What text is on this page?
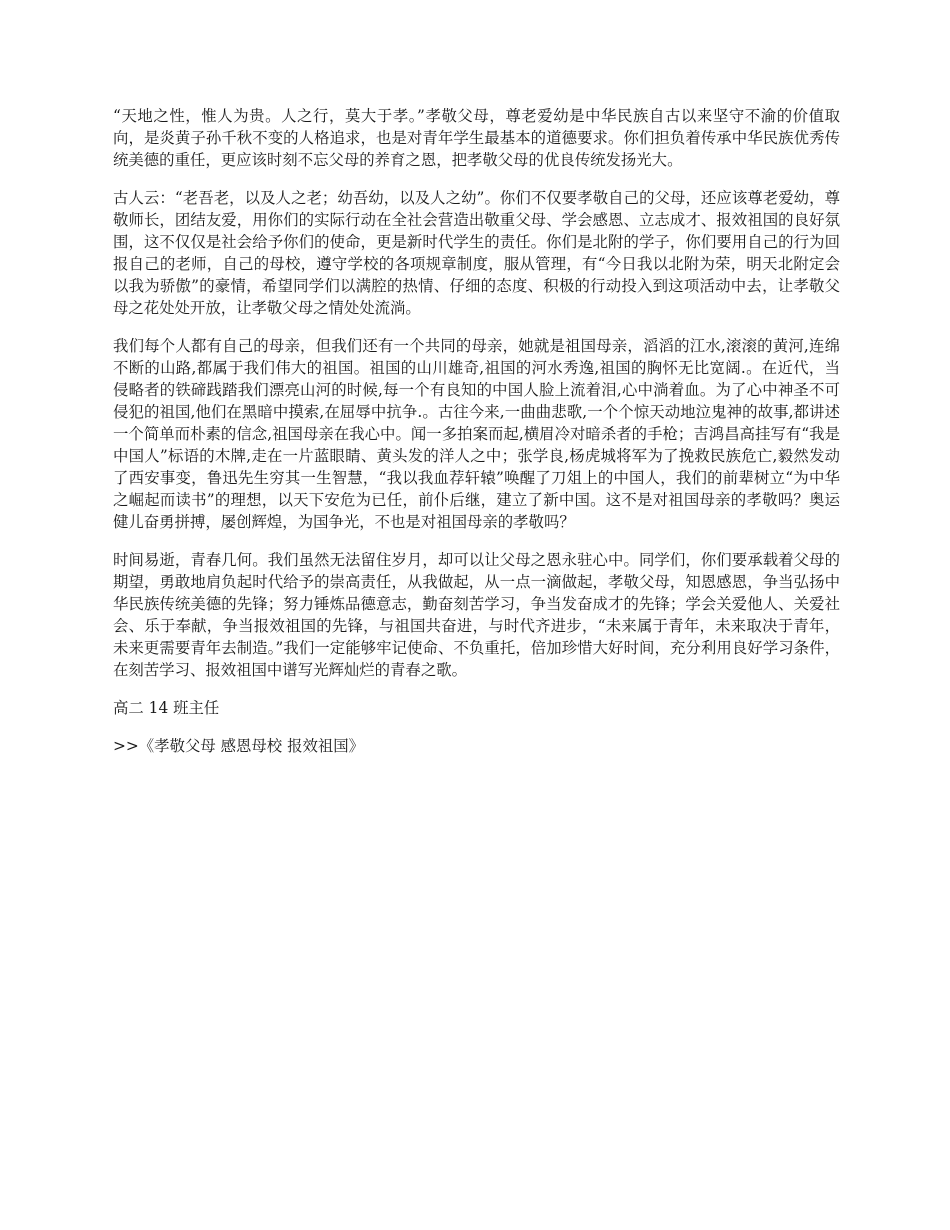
“天地之性，惟人为贵。人之行，莫大于孝。”孝敬父母，尊老爱幼是中华民族自古以来坚守不渝的价值取向，是炎黄子孙千秋不变的人格追求，也是对青年学生最基本的道德要求。你们担负着传承中华民族优秀传统美德的重任，更应该时刻不忘父母的养育之恩，把孝敬父母的优良传统发扬光大。

古人云：“老吾老，以及人之老；幼吾幼，以及人之幼”。你们不仅要孝敬自己的父母，还应该尊老爱幼，尊敬师长，团结友爱，用你们的实际行动在全社会营造出敬重父母、学会感恩、立志成才、报效祖国的良好氛围，这不仅仅是社会给予你们的使命，更是新时代学生的责任。你们是北附的学子，你们要用自己的行为回报自己的老师，自己的母校，遵守学校的各项规章制度，服从管理，有“今日我以北附为荣，明天北附定会以我为骄傲”的豪情，希望同学们以满腔的热情、仔细的态度、积极的行动投入到这项活动中去，让孝敬父母之花处处开放，让孝敬父母之情处处流淌。

我们每个人都有自己的母亲，但我们还有一个共同的母亲，她就是祖国母亲，滔滔的江水,滚滚的黄河,连绵不断的山路,都属于我们伟大的祖国。祖国的山川雄奇,祖国的河水秀逸,祖国的胸怀无比宽阔.。在近代，当侵略者的铁碲践踏我们漂亮山河的时候,每一个有良知的中国人脸上流着泪,心中淌着血。为了心中神圣不可侵犯的祖国,他们在黑暗中摸索,在屈辱中抗争.。古往今来,一曲曲悲歌,一个个惊天动地泣鬼神的故事,都讲述一个简单而朴素的信念,祖国母亲在我心中。闻一多拍案而起,横眉冷对暗杀者的手枪；吉鸿昌高挂写有“我是中国人”标语的木牌,走在一片蓝眼睛、黄头发的洋人之中；张学良,杨虎城将军为了挽救民族危亡,毅然发动了西安事变，鲁迅先生穷其一生智慧，“我以我血荐轩辕”唤醒了刀俎上的中国人，我们的前辈树立“为中华之崛起而读书”的理想，以天下安危为已任，前仆后继，建立了新中国。这不是对祖国母亲的孝敬吗？奥运健儿奋勇拼搏，屡创辉煌，为国争光，不也是对祖国母亲的孝敬吗？

时间易逝，青春几何。我们虽然无法留住岁月，却可以让父母之恩永驻心中。同学们，你们要承载着父母的期望，勇敢地肩负起时代给予的崇高责任，从我做起，从一点一滴做起，孝敬父母，知恩感恩，争当弘扬中华民族传统美德的先锋；努力锤炼品德意志，勤奋刻苦学习，争当发奋成才的先锋；学会关爱他人、关爱社会、乐于奉献，争当报效祖国的先锋，与祖国共奋进，与时代齐进步，“未来属于青年，未来取决于青年，未来更需要青年去制造。”我们一定能够牢记使命、不负重托，倍加珍惜大好时间，充分利用良好学习条件，在刻苦学习、报效祖国中谱写光辉灿烂的青春之歌。

高二 14 班主任

>>《孝敬父母 感恩母校 报效祖国》
